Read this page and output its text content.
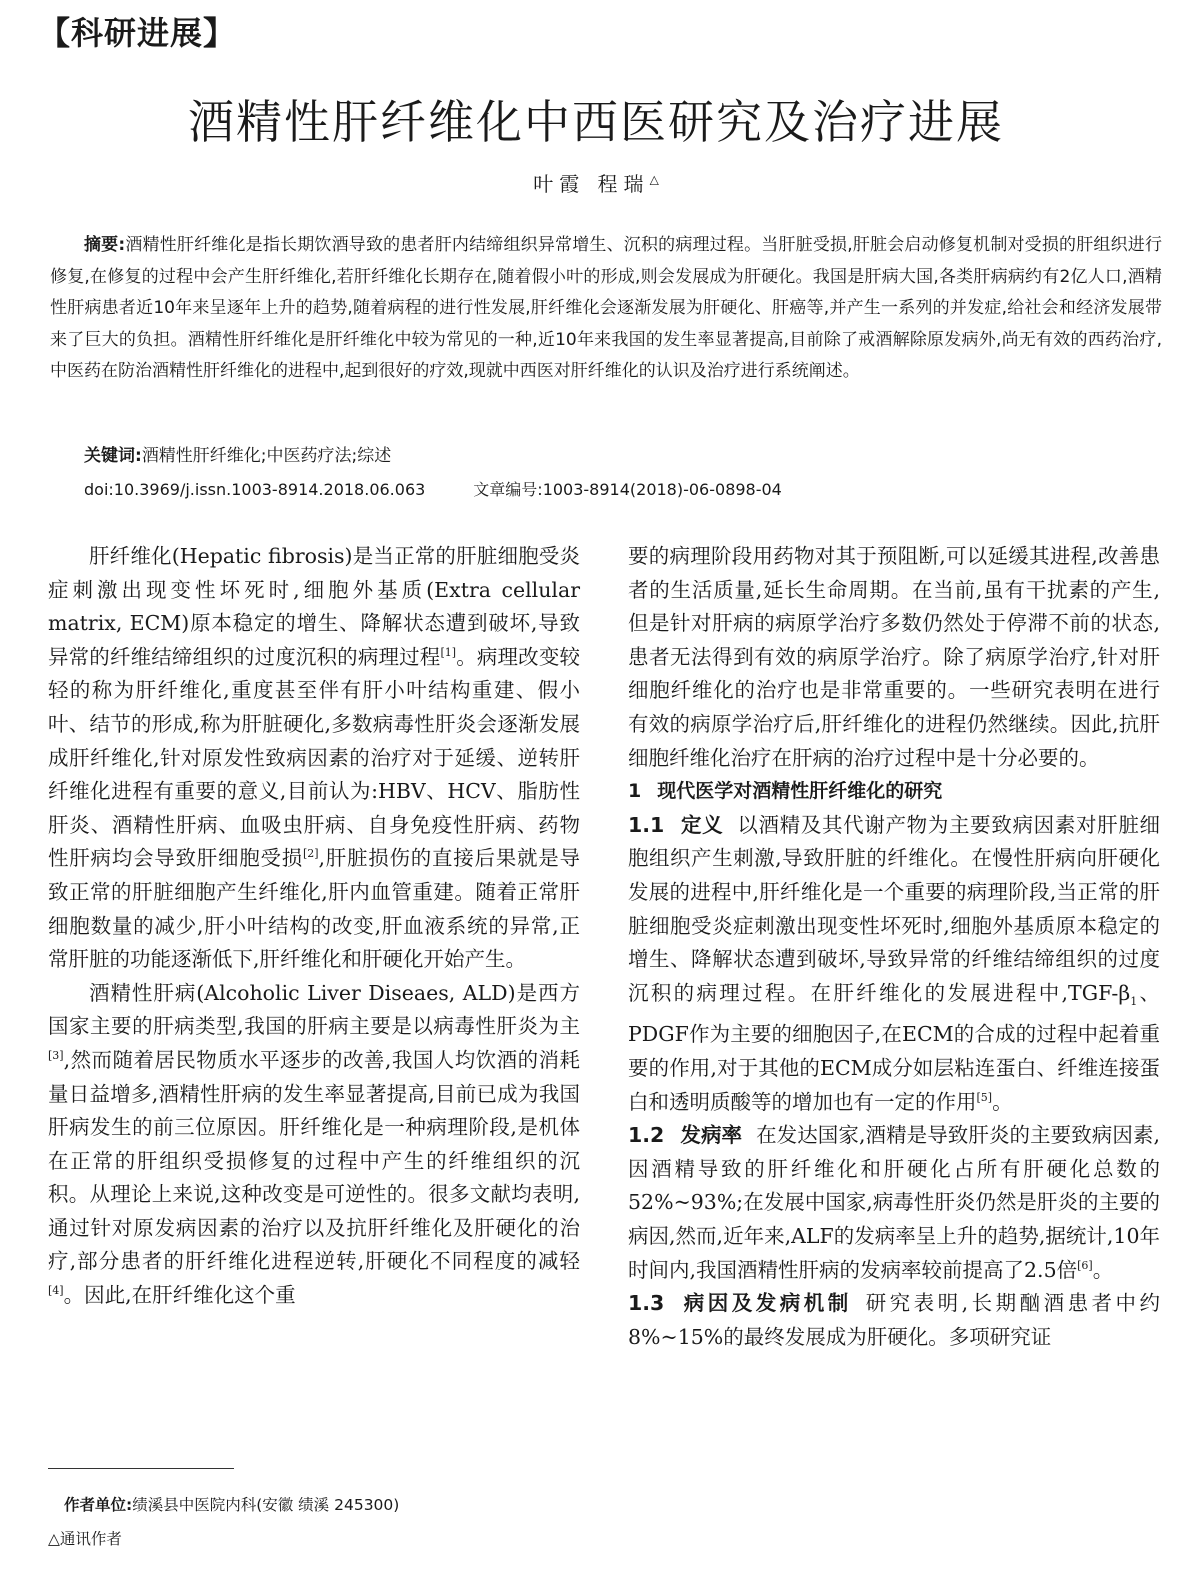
【科研进展】
酒精性肝纤维化中西医研究及治疗进展
叶霞 程瑞△
摘要:酒精性肝纤维化是指长期饮酒导致的患者肝内结缔组织异常增生、沉积的病理过程。当肝脏受损,肝脏会启动修复机制对受损的肝组织进行修复,在修复的过程中会产生肝纤维化,若肝纤维化长期存在,随着假小叶的形成,则会发展成为肝硬化。我国是肝病大国,各类肝病病约有2亿人口,酒精性肝病患者近10年来呈逐年上升的趋势,随着病程的进行性发展,肝纤维化会逐渐发展为肝硬化、肝癌等,并产生一系列的并发症,给社会和经济发展带来了巨大的负担。酒精性肝纤维化是肝纤维化中较为常见的一种,近10年来我国的发生率显著提高,目前除了戒酒解除原发病外,尚无有效的西药治疗,中医药在防治酒精性肝纤维化的进程中,起到很好的疗效,现就中西医对肝纤维化的认识及治疗进行系统阐述。
关键词:酒精性肝纤维化;中医药疗法;综述
doi:10.3969/j.issn.1003-8914.2018.06.063	文章编号:1003-8914(2018)-06-0898-04

肝纤维化(Hepatic fibrosis)是当正常的肝脏细胞受炎症刺激出现变性坏死时,细胞外基质(Extra cellular matrix, ECM)原本稳定的增生、降解状态遭到破坏,导致异常的纤维结缔组织的过度沉积的病理过程[1]。病理改变较轻的称为肝纤维化,重度甚至伴有肝小叶结构重建、假小叶、结节的形成,称为肝脏硬化,多数病毒性肝炎会逐渐发展成肝纤维化,针对原发性致病因素的治疗对于延缓、逆转肝纤维化进程有重要的意义,目前认为:HBV、HCV、脂肪性肝炎、酒精性肝病、血吸虫肝病、自身免疫性肝病、药物性肝病均会导致肝细胞受损[2],肝脏损伤的直接后果就是导致正常的肝脏细胞产生纤维化,肝内血管重建。随着正常肝细胞数量的减少,肝小叶结构的改变,肝血液系统的异常,正常肝脏的功能逐渐低下,肝纤维化和肝硬化开始产生。

酒精性肝病(Alcoholic Liver Diseaes, ALD)是西方国家主要的肝病类型,我国的肝病主要是以病毒性肝炎为主[3],然而随着居民物质水平逐步的改善,我国人均饮酒的消耗量日益增多,酒精性肝病的发生率显著提高,目前已成为我国肝病发生的前三位原因。肝纤维化是一种病理阶段,是机体在正常的肝组织受损修复的过程中产生的纤维组织的沉积。从理论上来说,这种改变是可逆性的。很多文献均表明,通过针对原发病因素的治疗以及抗肝纤维化及肝硬化的治疗,部分患者的肝纤维化进程逆转,肝硬化不同程度的减轻[4]。因此,在肝纤维化这个重

要的病理阶段用药物对其于预阻断,可以延缓其进程,改善患者的生活质量,延长生命周期。在当前,虽有干扰素的产生,但是针对肝病的病原学治疗多数仍然处于停滞不前的状态,患者无法得到有效的病原学治疗。除了病原学治疗,针对肝细胞纤维化的治疗也是非常重要的。一些研究表明在进行有效的病原学治疗后,肝纤维化的进程仍然继续。因此,抗肝细胞纤维化治疗在肝病的治疗过程中是十分必要的。

1 现代医学对酒精性肝纤维化的研究

1.1 定义 以酒精及其代谢产物为主要致病因素对肝脏细胞组织产生刺激,导致肝脏的纤维化。在慢性肝病向肝硬化发展的进程中,肝纤维化是一个重要的病理阶段,当正常的肝脏细胞受炎症刺激出现变性坏死时,细胞外基质原本稳定的增生、降解状态遭到破坏,导致异常的纤维结缔组织的过度沉积的病理过程。在肝纤维化的发展进程中$,TGF-\beta_1$、PDGF作为主要的细胞因子,在ECM的合成的过程中起着重要的作用,对于其他的ECM成分如层粘连蛋白、纤维连接蛋白和透明质酸等的增加也有一定的作用[5]。

1.2 发病率 在发达国家,酒精是导致肝炎的主要致病因素,因酒精导致的肝纤维化和肝硬化占所有肝硬化总数的52%~93%;在发展中国家,病毒性肝炎仍然是肝炎的主要的病因,然而,近年来,ALF的发病率呈上升的趋势,据统计,10年时间内,我国酒精性肝病的发病率较前提高了2.5倍[6]。

1.3 病因及发病机制 研究表明,长期酗酒患者中约8%~15%的最终发展成为肝硬化。多项研究证

作者单位:绩溪县中医院内科(安徽 绩溪 245300)
△通讯作者
